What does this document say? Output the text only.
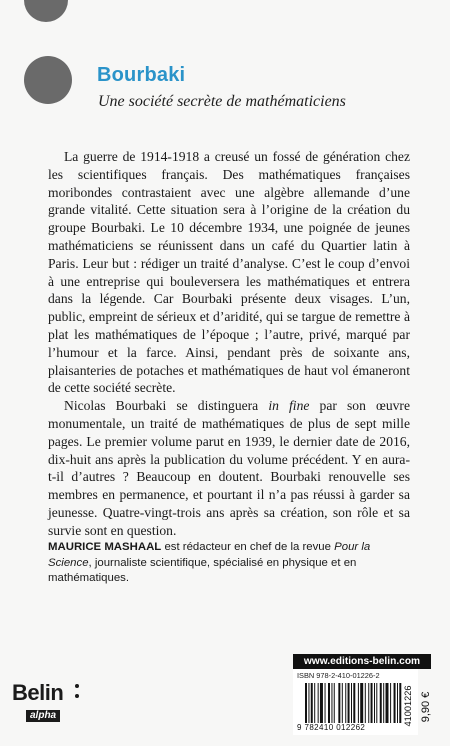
Bourbaki
Une société secrète de mathématiciens

La guerre de 1914-1918 a creusé un fossé de génération chez les scientifiques français. Des mathématiques françaises moribondes contrastaient avec une algèbre allemande d’une grande vitalité. Cette situation sera à l’origine de la création du groupe Bourbaki. Le 10 décembre 1934, une poignée de jeunes mathématiciens se réunissent dans un café du Quartier latin à Paris. Leur but : rédiger un traité d’analyse. C’est le coup d’envoi à une entreprise qui bouleversera les mathématiques et entrera dans la légende. Car Bourbaki présente deux visages. L’un, public, empreint de sérieux et d’aridité, qui se targue de remettre à plat les mathématiques de l’époque ; l’autre, privé, marqué par l’humour et la farce. Ainsi, pendant près de soixante ans, plaisanteries de potaches et mathématiques de haut vol émaneront de cette société secrète.

Nicolas Bourbaki se distinguera in fine par son œuvre monumentale, un traité de mathématiques de plus de sept mille pages. Le premier volume parut en 1939, le dernier date de 2016, dix-huit ans après la publication du volume précédent. Y en aura-t-il d’autres ? Beaucoup en doutent. Bourbaki renouvelle ses membres en permanence, et pourtant il n’a pas réussi à garder sa jeunesse. Quatre-vingt-trois ans après sa création, son rôle et sa survie sont en question.

MAURICE MASHAAL est rédacteur en chef de la revue Pour la Science, journaliste scientifique, spécialisé en physique et en mathématiques.
www.editions-belin.com
ISBN 978-2-410-01226-2
9 782410 012262
41001226 9,90 €
Belin
alpha
